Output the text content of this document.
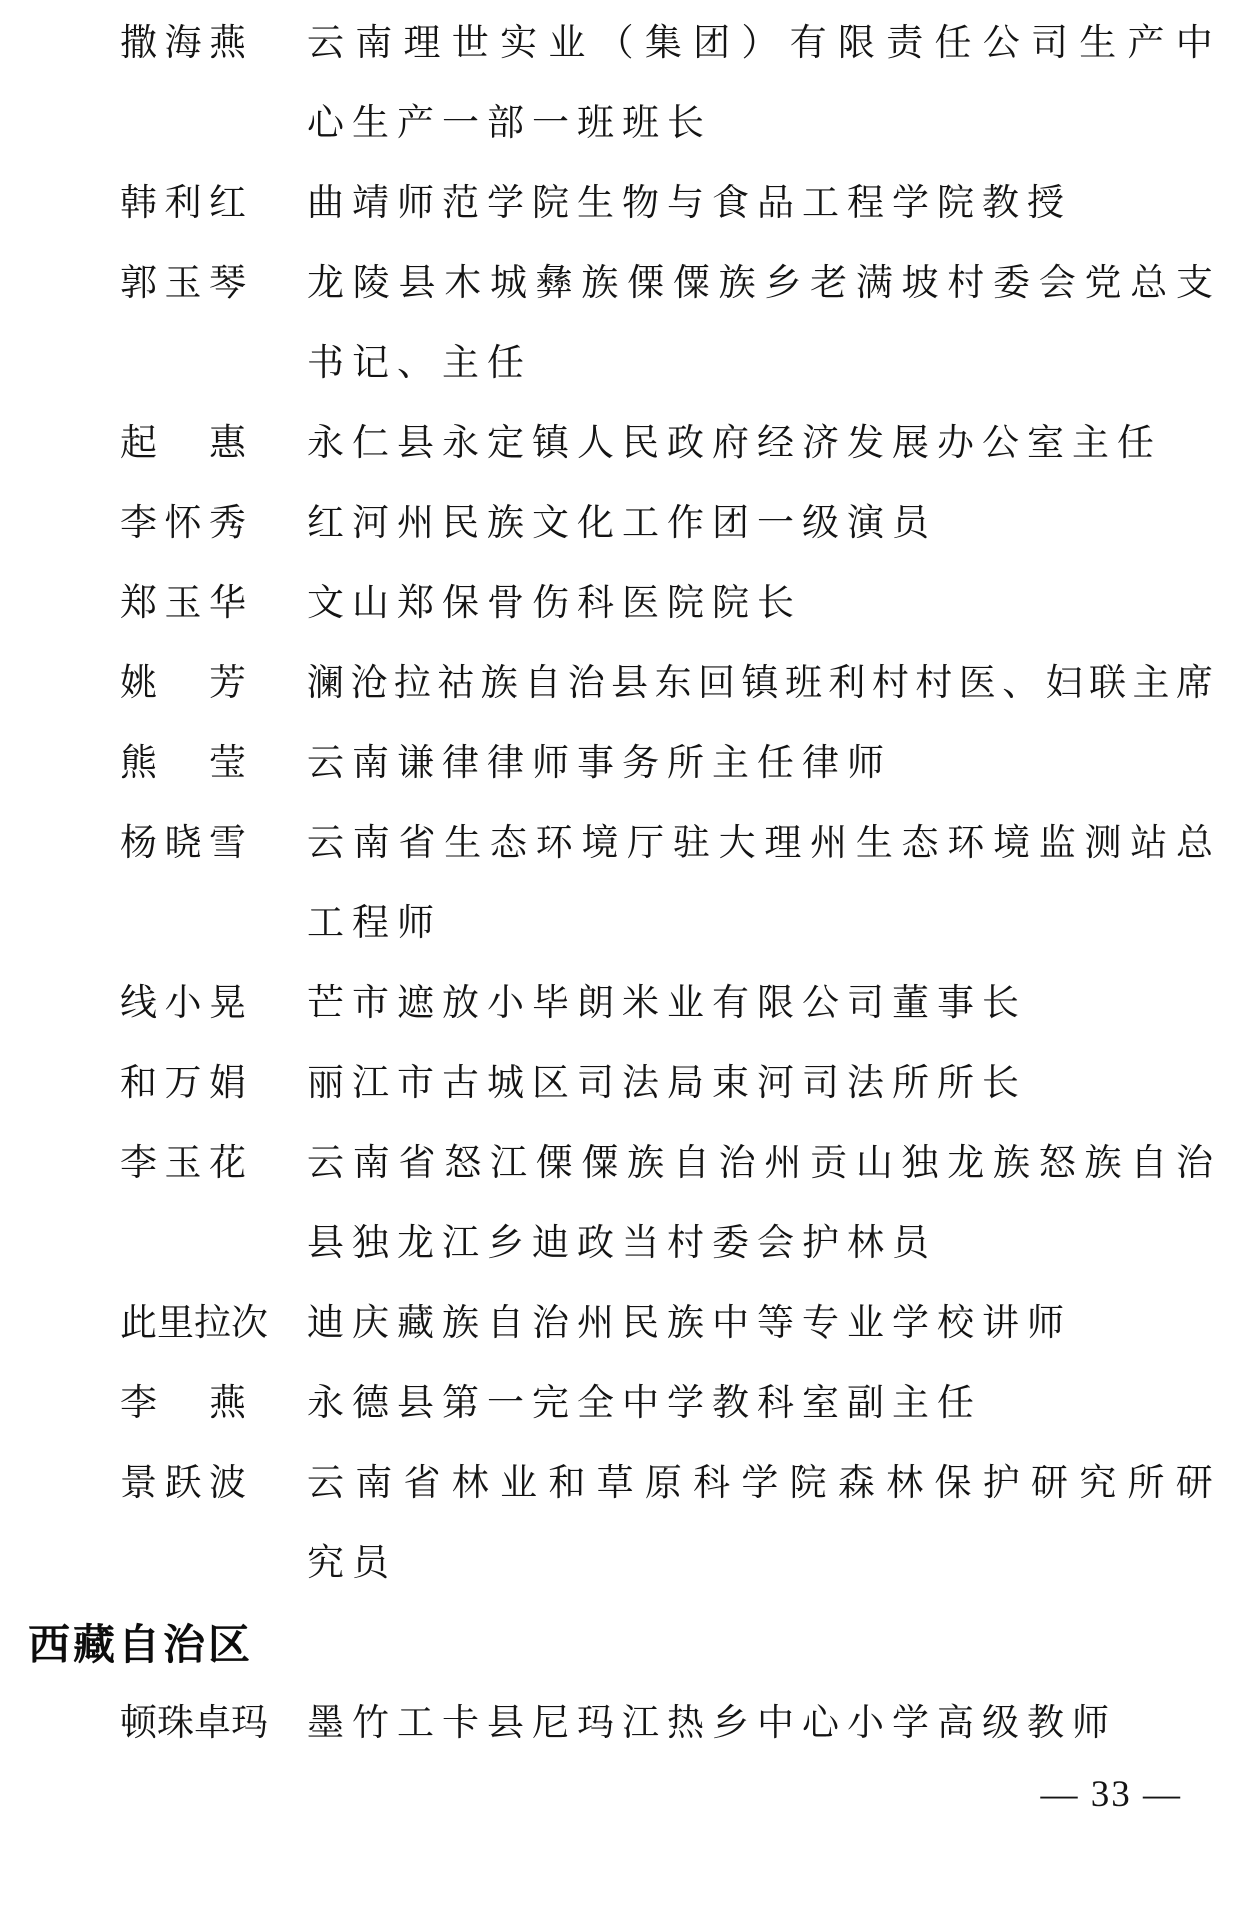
撒 海 燕 云 南 理 世 实 业 （ 集 团 ） 有 限 责 任 公 司 生 产 中
心生产一部一班班长
韩 利 红 曲靖师范学院生物与食品工程学院教授
郭 玉 琴 龙 陵 县 木 城 彝 族 傈 僳 族 乡 老 满 坡 村 委 会 党 总 支
书记、主任
起 惠 永仁县永定镇人民政府经济发展办公室主任
李 怀 秀 红河州民族文化工作团一级演员
郑 玉 华 文山郑保骨伤科医院院长
姚 芳 澜沧拉祜族自治县东回镇班利村村医、妇联主席
熊 莹 云南谦律律师事务所主任律师
杨 晓 雪 云 南 省 生 态 环 境 厅 驻 大 理 州 生 态 环 境 监 测 站 总
工程师
线 小 晃 芒市遮放小毕朗米业有限公司董事长
和 万 娟 丽江市古城区司法局束河司法所所长
李 玉 花 云 南 省 怒 江 傈 僳 族 自 治 州 贡 山 独 龙 族 怒 族 自 治
县独龙江乡迪政当村委会护林员
此 里 拉 次 迪庆藏族自治州民族中等专业学校讲师
李 燕 永德县第一完全中学教科室副主任
景 跃 波 云 南 省 林 业 和 草 原 科 学 院 森 林 保 护 研 究 所 研
究员
西藏自治区
顿 珠 卓 玛 墨竹工卡县尼玛江热乡中心小学高级教师
— 33 —
